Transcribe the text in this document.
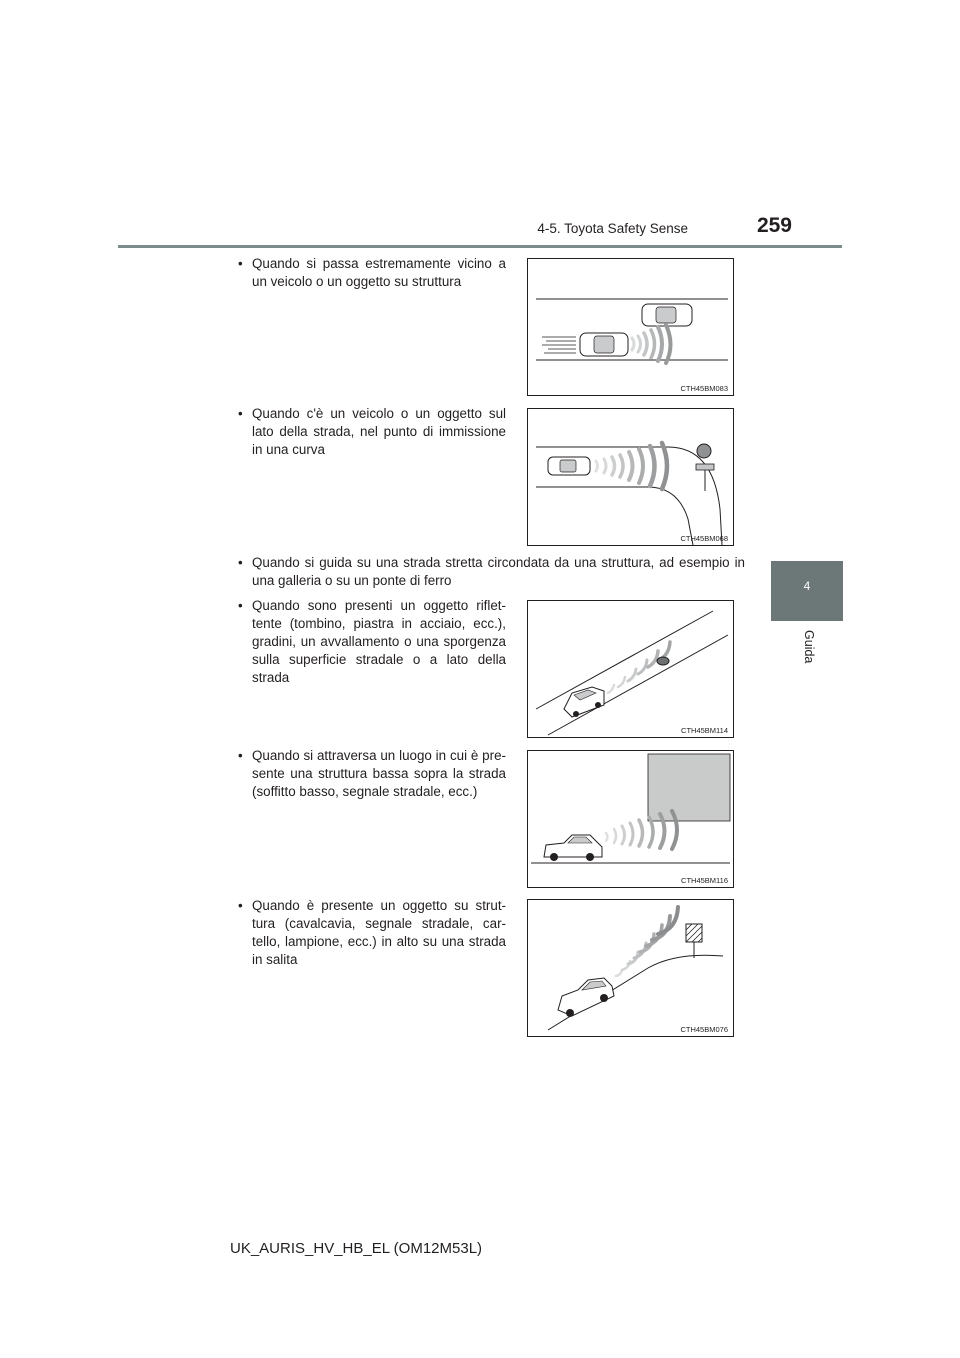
4-5. Toyota Safety Sense	259
4
Guida
• Quando si passa estremamente vicino a un veicolo o un oggetto su struttura
• Quando c'è un veicolo o un oggetto sul lato della strada, nel punto di immissione in una curva
• Quando si guida su una strada stretta circondata da una struttura, ad esempio in una galleria o su un ponte di ferro
• Quando sono presenti un oggetto riflet-tente (tombino, piastra in acciaio, ecc.), gradini, un avvallamento o una sporgenza sulla superficie stradale o a lato della strada
• Quando si attraversa un luogo in cui è pre-sente una struttura bassa sopra la strada (soffitto basso, segnale stradale, ecc.)
• Quando è presente un oggetto su strut-tura (cavalcavia, segnale stradale, car-tello, lampione, ecc.) in alto su una strada in salita
CTH45BM083
CTH45BM068
CTH45BM114
CTH45BM116
CTH45BM076
UK_AURIS_HV_HB_EL (OM12M53L)
